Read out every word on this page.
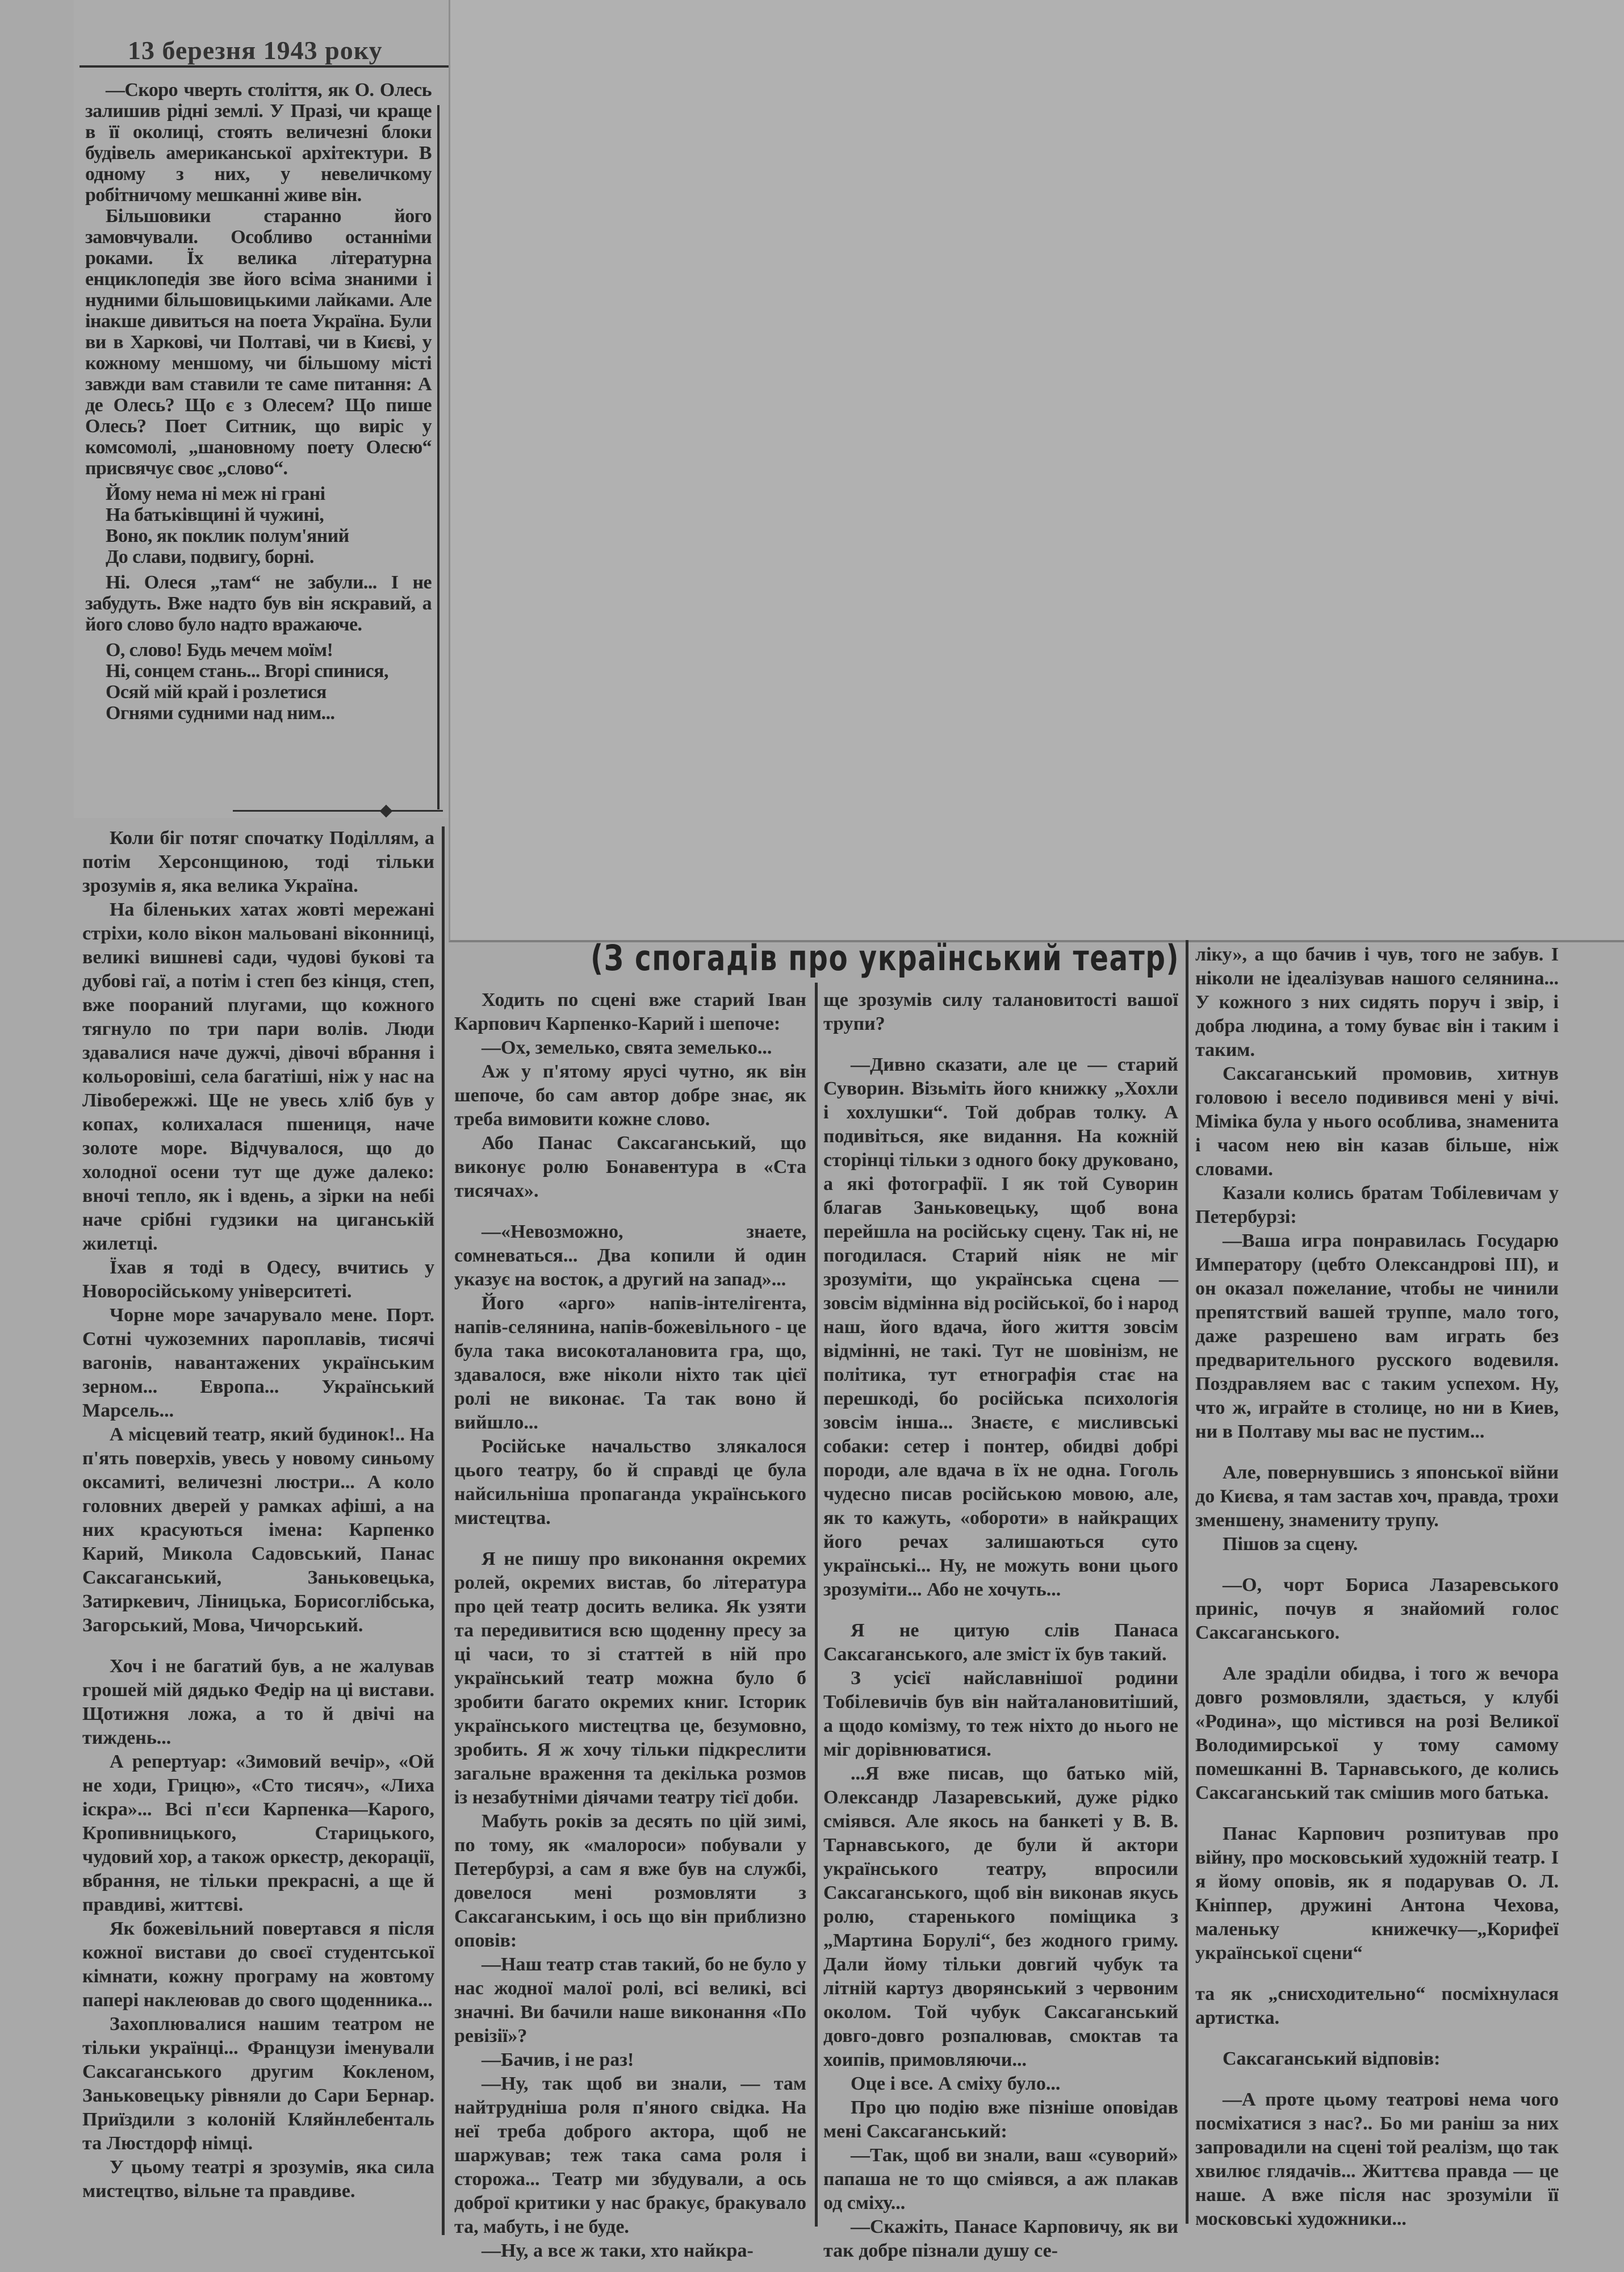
13 березня 1943 року

—Скоро чверть століття, як О. Олесь залишив рідні землі. У Празі, чи краще в її околиці, стоять величезні блоки будівель американської архітектури. В одному з них, у невеличкому робітничому мешканні живе він.

Більшовики старанно його замовчували. Особливо останніми роками. Їх велика літературна енциклопедія зве його всіма знаними і нудними більшовицькими лайками. Але інакше дивиться на поета Україна. Були ви в Харкові, чи Полтаві, чи в Києві, у кожному меншому, чи більшому місті завжди вам ставили те саме питання: А де Олесь? Що є з Олесем? Що пише Олесь? Поет Ситник, що виріс у комсомолі, „шановному поету Олесю“ присвячує своє „слово“.

Йому нема ні меж ні грані
На батьківщині й чужині,
Воно, як поклик полум'яний
До слави, подвигу, борні.

Ні. Олеся „там“ не забули... І не забудуть. Вже надто був він яскравий, а його слово було надто вражаюче.

О, слово! Будь мечем моїм!
Ні, сонцем стань... Вгорі спинися,
Осяй мій край і розлетися
Огнями судними над ним...

Коли біг потяг спочатку Поділлям, а потім Херсонщиною, тоді тільки зрозумів я, яка велика Україна.

На біленьких хатах жовті мережані стріхи, коло вікон мальовані віконниці, великі вишневі сади, чудові букові та дубові гаї, а потім і степ без кінця, степ, вже пооpаний плугами, що кожного тягнуло по три пари волів. Люди здавалися наче дужчі, дівочі вбрання і кольоровіші, села багатіші, ніж у нас на Лівобережжі. Ще не увесь хліб був у копах, колихалася пшениця, наче золоте море. Відчувалося, що до холодної осени тут ще дуже далеко: вночі тепло, як і вдень, а зірки на небі наче срібні гудзики на циганській жилетці.

Їхав я тоді в Одесу, вчитись у Новоросійському університеті.

Чорне море зачарувало мене. Порт. Сотні чужоземних пароплавів, тисячі вагонів, навантажених українським зерном... Европа... Український Марсель...

А місцевий театр, який будинок!.. На п'ять поверхів, увесь у новому синьому оксамиті, величезні люстри... А коло головних дверей у рамках афіші, а на них красуються імена: Карпенко Карий, Микола Садовський, Панас Саксаганський, Заньковецька, Затиркевич, Ліницька, Борисоглібська, Загорський, Мова, Чичорський.

Хоч і не багатий був, а не жалував грошей мій дядько Федір на ці вистави. Щотижня ложа, а то й двічі на тиждень...

А репертуар: «Зимовий вечір», «Ой не ходи, Грицю», «Сто тисяч», «Лиха іскра»... Всі п'єси Карпенка—Карого, Кропивницького, Старицького, чудовий хор, а також оркестр, декорації, вбрання, не тільки прекрасні, а ще й правдиві, життєві.

Як божевільний повертався я після кожної вистави до своєї студентської кімнати, кожну програму на жовтому папері наклеював до свого щоденника...

Захоплювалися нашим театром не тільки українці... Французи іменували Саксаганського другим Кокленом, Заньковецьку рівняли до Сари Бернар. Приїздили з колоній Кляйнлебенталь та Люстдорф німці.

У цьому театрі я зрозумів, яка сила мистецтво, вільне та правдиве.

(З спогадів про український театр)

Ходить по сцені вже старий Іван Карпович Карпенко-Карий і шепоче:

—Ох, земелько, свята земелько...

Аж у п'ятому ярусі чутно, як він шепоче, бо сам автор добре знає, як треба вимовити кожне слово.

Або Панас Саксаганський, що виконує ролю Бонавентура в «Ста тисячах».

—«Невозможно, знаете, сомневаться... Два копили й один указує на восток, а другий на запад»...

Його «арго» напів-інтелігента, напів-селянина, напів-божевільного - це була така високоталановита гра, що, здавалося, вже ніколи ніхто так цієї ролі не виконає. Та так воно й вийшло...

Російське начальство злякалося цього театру, бо й справді це була найсильніша пропаганда українського мистецтва.

Я не пишу про виконання окремих ролей, окремих вистав, бо література про цей театр досить велика. Як узяти та передивитися всю щоденну пресу за ці часи, то зі статтей в ній про український театр можна було б зробити багато окремих книг. Історик українського мистецтва це, безумовно, зробить. Я ж хочу тільки підкреслити загальне враження та декілька розмов із незабутніми діячами театру тієї доби.

Мабуть років за десять по цій зимі, по тому, як «малороси» побували у Петербурзі, а сам я вже був на службі, довелося мені розмовляти з Саксаганським, і ось що він приблизно оповів:

—Наш театр став такий, бо не було у нас жодної малої ролі, всі великі, всі значні. Ви бачили наше виконання «По ревізії»?

—Бачив, і не раз!

—Ну, так щоб ви знали, — там найтрудніша роля п'яного свідка. На неї треба доброго актора, щоб не шаржував; теж така сама роля і сторожа... Театр ми збудували, а ось доброї критики у нас бракує, бракувало та, мабуть, і не буде.

—Ну, а все ж таки, хто найкра-

ще зрозумів силу талановитості вашої трупи?

—Дивно сказати, але це — старий Суворин. Візьміть його книжку „Хохли і хохлушки“. Той добрав толку. А подивіться, яке видання. На кожній сторінці тільки з одного боку друковано, а які фотографії. І як той Суворин благав Заньковецьку, щоб вона перейшла на російську сцену. Так ні, не погодилася. Старий ніяк не міг зрозуміти, що українська сцена — зовсім відмінна від російської, бо і народ наш, його вдача, його життя зовсім відмінні, не такі. Тут не шовінізм, не політика, тут етнографія стає на перешкоді, бо російська психологія зовсім інша... Знаєте, є мисливські собаки: сетер і понтер, обидві добрі породи, але вдача в їх не одна. Гоголь чудесно писав російською мовою, але, як то кажуть, «обороти» в найкращих його речах залишаються суто українські... Ну, не можуть вони цього зрозуміти... Або не хочуть...

Я не цитую слів Панаса Саксаганського, але зміст їх був такий.

З усієї найславнішої родини Тобілевичів був він найталановитіший, а щодо комізму, то теж ніхто до нього не міг дорівнюватися.

...Я вже писав, що батько мій, Олександр Лазаревський, дуже рідко сміявся. Але якось на банкеті у В. В. Тарнавського, де були й актори українського театру, впросили Саксаганського, щоб він виконав якусь ролю, старенького поміщика з „Мартина Борулі“, без жодного гриму. Дали йому тільки довгий чубук та літній картуз дворянський з червоним околом. Той чубук Саксаганський довго-довго розпалював, смоктав та хоипів, примовляючи...

Оце і все. А сміху було...

Про цю подію вже пізніше оповідав мені Саксаганський:

—Так, щоб ви знали, ваш «суворий» папаша не то що сміявся, а аж плакав од сміху...

—Скажіть, Панасе Карповичу, як ви так добре пізнали душу се-

ліку», а що бачив і чув, того не забув. І ніколи не ідеалізував нашого селянина... У кожного з них сидять поруч і звір, і добра людина, а тому буває він і таким і таким.

Саксаганський промовив, хитнув головою і весело подивився мені у вічі. Міміка була у нього особлива, знаменита і часом нею він казав більше, ніж словами.

Казали колись братам Тобілевичам у Петербурзі:

—Ваша игра понравилась Государю Императору (цебто Олександрові III), и он оказал пожелание, чтобы не чинили препятствий вашей труппе, мало того, даже разрешено вам играть без предварительного русского водевиля. Поздравляем вас с таким успехом. Ну, что ж, играйте в столице, но ни в Киев, ни в Полтаву мы вас не пустим...

Але, повернувшись з японської війни до Києва, я там застав хоч, правда, трохи зменшену, знамениту трупу.

Пішов за сцену.

—О, чорт Бориса Лазаревського приніс, почув я знайомий голос Саксаганського.

Але зраділи обидва, і того ж вечора довго розмовляли, здається, у клубі «Родина», що містився на розі Великої Володимирської у тому самому помешканні В. Тарнавського, де колись Саксаганський так смішив мого батька.

Панас Карпович розпитував про війну, про московський художній театр. І я йому оповів, як я подарував О. Л. Кніппер, дружині Антона Чехова, маленьку книжечку—„Корифеї української сцени“

та як „снисходительно“ посміхнулася артистка.

Саксаганський відповів:

—А проте цьому театрові нема чого посміхатися з нас?.. Бо ми раніш за них запровадили на сцені той реалізм, що так хвилює глядачів... Життєва правда — це наше. А вже після нас зрозуміли її московські художники...
